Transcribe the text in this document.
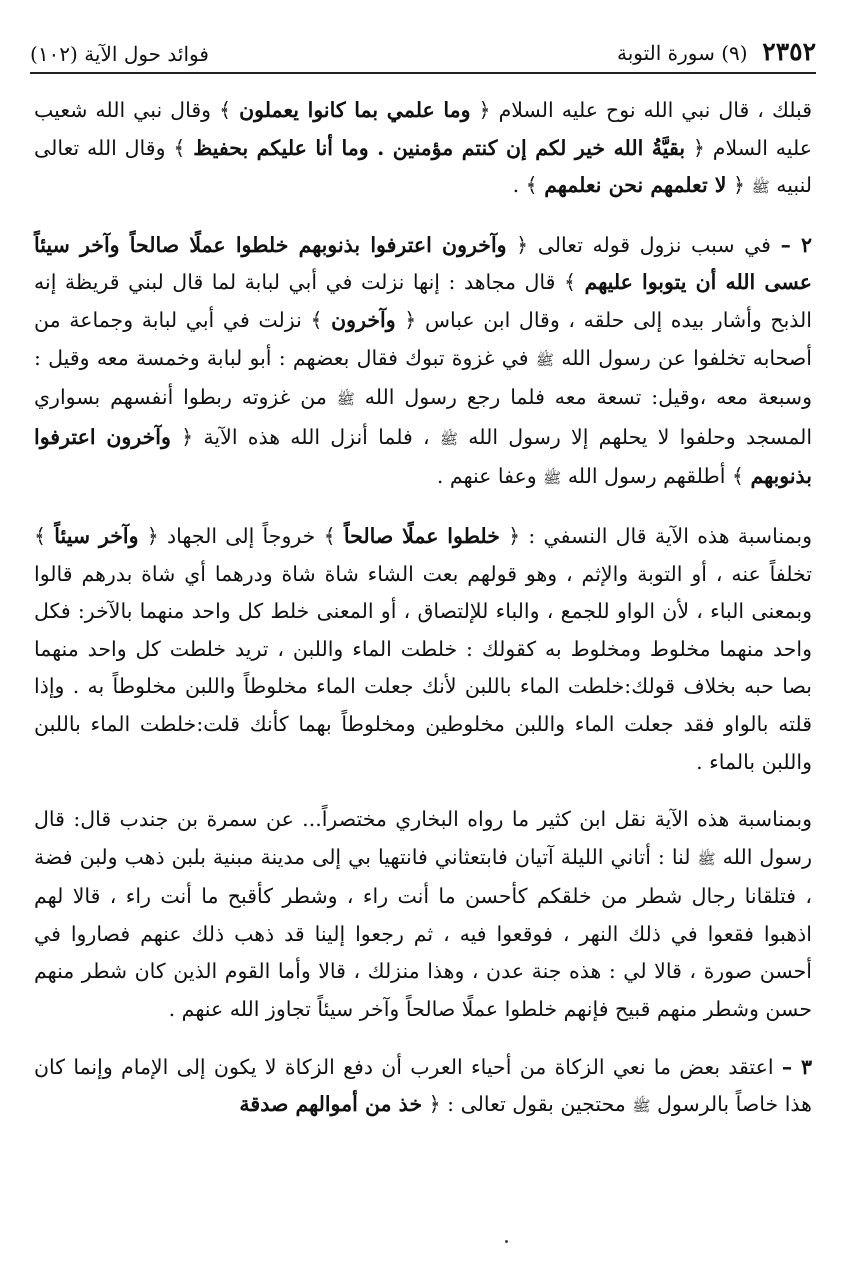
٢٣٥٢ (٩) سورة التوبة
فوائد حول الآية (١٠٢)

قبلك ، قال نبي الله نوح عليه السلام ﴿ وما علمي بما كانوا يعملون ﴾ وقال نبي الله شعيب عليه السلام ﴿ بقيَّةُ الله خير لكم إن كنتم مؤمنين . وما أنا عليكم بحفيظ ﴾ وقال الله تعالى لنبيه ﷺ ﴿ لا تعلمهم نحن نعلمهم ﴾ .

٢ – في سبب نزول قوله تعالى ﴿ وآخرون اعترفوا بذنوبهم خلطوا عملًا صالحاً وآخر سيئاً عسى الله أن يتوبوا عليهم ﴾ قال مجاهد : إنها نزلت في أبي لبابة لما قال لبني قريظة إنه الذبح وأشار بيده إلى حلقه ، وقال ابن عباس ﴿ وآخرون ﴾ نزلت في أبي لبابة وجماعة من أصحابه تخلفوا عن رسول الله ﷺ في غزوة تبوك فقال بعضهم : أبو لبابة وخمسة معه وقيل : وسبعة معه ،وقيل: تسعة معه فلما رجع رسول الله ﷺ من غزوته ربطوا أنفسهم بسواري المسجد وحلفوا لا يحلهم إلا رسول الله ﷺ ، فلما أنزل الله هذه الآية ﴿ وآخرون اعترفوا بذنوبهم ﴾ أطلقهم رسول الله ﷺ وعفا عنهم .

وبمناسبة هذه الآية قال النسفي : ﴿ خلطوا عملًا صالحاً ﴾ خروجاً إلى الجهاد ﴿ وآخر سيئاً ﴾ تخلفاً عنه ، أو التوبة والإثم ، وهو قولهم بعت الشاء شاة شاة ودرهما أي شاة بدرهم قالوا وبمعنى الباء ، لأن الواو للجمع ، والباء للإلتصاق ، أو المعنى خلط كل واحد منهما بالآخر: فكل واحد منهما مخلوط ومخلوط به كقولك : خلطت الماء واللبن ، تريد خلطت كل واحد منهما بصا حبه بخلاف قولك:خلطت الماء باللبن لأنك جعلت الماء مخلوطاً واللبن مخلوطاً به . وإذا قلته بالواو فقد جعلت الماء واللبن مخلوطين ومخلوطاً بهما كأنك قلت:خلطت الماء باللبن واللبن بالماء .

وبمناسبة هذه الآية نقل ابن كثير ما رواه البخاري مختصراً... عن سمرة بن جندب قال: قال رسول الله ﷺ لنا : أتاني الليلة آتيان فابتعثاني فانتهيا بي إلى مدينة مبنية بلبن ذهب ولبن فضة ، فتلقانا رجال شطر من خلقكم كأحسن ما أنت راء ، وشطر كأقبح ما أنت راء ، قالا لهم اذهبوا فقعوا في ذلك النهر ، فوقعوا فيه ، ثم رجعوا إلينا قد ذهب ذلك عنهم فصاروا في أحسن صورة ، قالا لي : هذه جنة عدن ، وهذا منزلك ، قالا وأما القوم الذين كان شطر منهم حسن وشطر منهم قبيح فإنهم خلطوا عملًا صالحاً وآخر سيئاً تجاوز الله عنهم .

٣ – اعتقد بعض ما نعي الزكاة من أحياء العرب أن دفع الزكاة لا يكون إلى الإمام وإنما كان هذا خاصاً بالرسول ﷺ محتجين بقول تعالى : ﴿ خذ من أموالهم صدقة
